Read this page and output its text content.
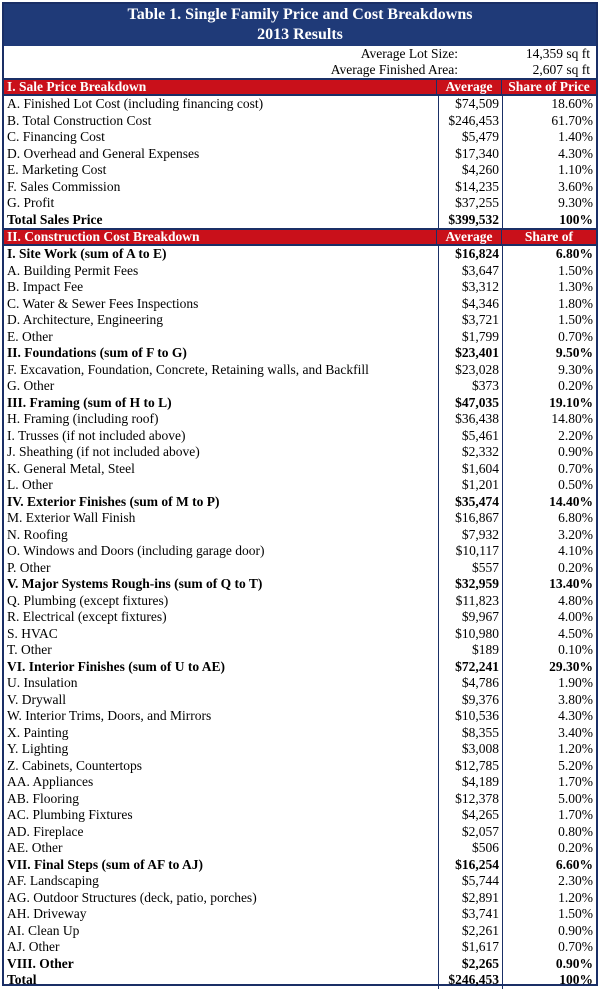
Table 1. Single Family Price and Cost Breakdowns
2013 Results
Average Lot Size:	14,359 sq ft
Average Finished Area:	2,607 sq ft
I. Sale Price Breakdown	Average	Share of Price
A. Finished Lot Cost (including financing cost)	$74,509	18.60%
B. Total Construction Cost	$246,453	61.70%
C. Financing Cost	$5,479	1.40%
D. Overhead and General Expenses	$17,340	4.30%
E. Marketing Cost	$4,260	1.10%
F. Sales Commission	$14,235	3.60%
G. Profit	$37,255	9.30%
Total Sales Price	$399,532	100%
II. Construction Cost Breakdown	Average	Share of
I. Site Work (sum of A to E)	$16,824	6.80%
A. Building Permit Fees	$3,647	1.50%
B. Impact Fee	$3,312	1.30%
C. Water & Sewer Fees Inspections	$4,346	1.80%
D. Architecture, Engineering	$3,721	1.50%
E. Other	$1,799	0.70%
II. Foundations (sum of F to G)	$23,401	9.50%
F. Excavation, Foundation, Concrete, Retaining walls, and Backfill	$23,028	9.30%
G. Other	$373	0.20%
III. Framing (sum of H to L)	$47,035	19.10%
H. Framing (including roof)	$36,438	14.80%
I. Trusses (if not included above)	$5,461	2.20%
J. Sheathing (if not included above)	$2,332	0.90%
K. General Metal, Steel	$1,604	0.70%
L. Other	$1,201	0.50%
IV. Exterior Finishes (sum of M to P)	$35,474	14.40%
M. Exterior Wall Finish	$16,867	6.80%
N. Roofing	$7,932	3.20%
O. Windows and Doors (including garage door)	$10,117	4.10%
P. Other	$557	0.20%
V. Major Systems Rough-ins (sum of Q to T)	$32,959	13.40%
Q. Plumbing (except fixtures)	$11,823	4.80%
R. Electrical (except fixtures)	$9,967	4.00%
S. HVAC	$10,980	4.50%
T. Other	$189	0.10%
VI. Interior Finishes (sum of U to AE)	$72,241	29.30%
U. Insulation	$4,786	1.90%
V. Drywall	$9,376	3.80%
W. Interior Trims, Doors, and Mirrors	$10,536	4.30%
X. Painting	$8,355	3.40%
Y. Lighting	$3,008	1.20%
Z. Cabinets, Countertops	$12,785	5.20%
AA. Appliances	$4,189	1.70%
AB. Flooring	$12,378	5.00%
AC. Plumbing Fixtures	$4,265	1.70%
AD. Fireplace	$2,057	0.80%
AE. Other	$506	0.20%
VII. Final Steps (sum of AF to AJ)	$16,254	6.60%
AF. Landscaping	$5,744	2.30%
AG. Outdoor Structures (deck, patio, porches)	$2,891	1.20%
AH. Driveway	$3,741	1.50%
AI. Clean Up	$2,261	0.90%
AJ. Other	$1,617	0.70%
VIII. Other	$2,265	0.90%
Total	$246,453	100%
